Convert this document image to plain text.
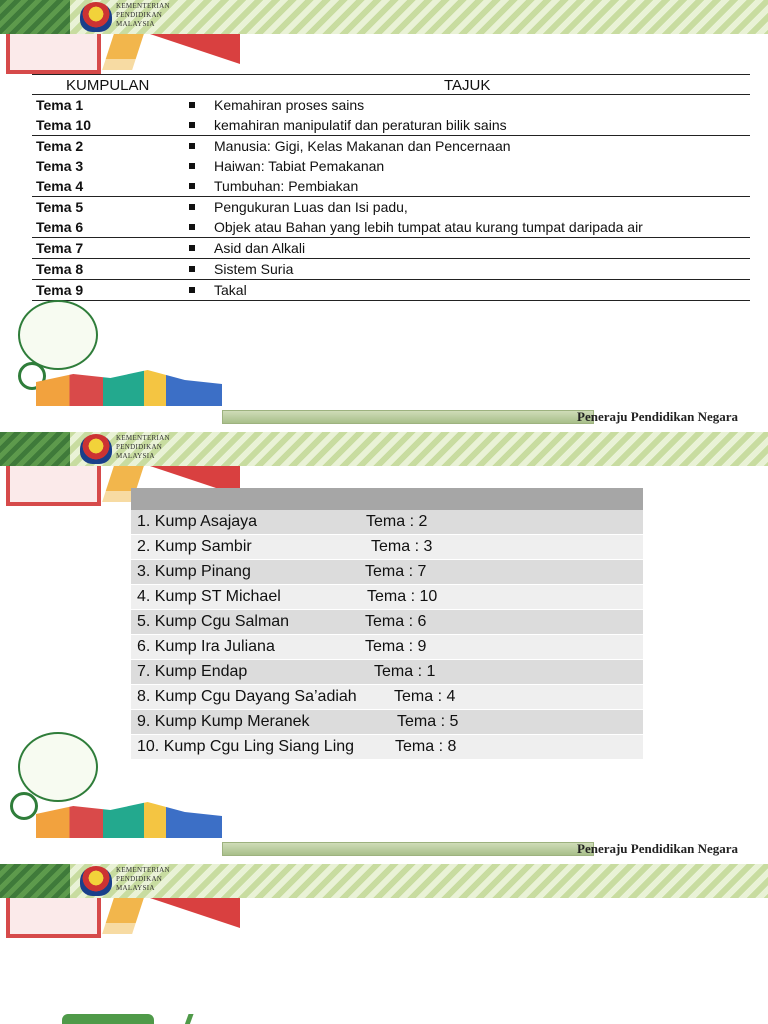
KEMENTERIAN
PENDIDIKAN
MALAYSIA
KUMPULAN	TAJUK
Tema 1	Kemahiran proses sains
Tema 10	kemahiran manipulatif dan peraturan bilik sains
Tema 2	Manusia: Gigi, Kelas Makanan dan Pencernaan
Tema 3	Haiwan: Tabiat Pemakanan
Tema 4	Tumbuhan: Pembiakan
Tema 5	Pengukuran Luas dan Isi padu,
Tema 6	Objek atau Bahan yang lebih tumpat atau kurang tumpat daripada air
Tema 7	Asid dan Alkali
Tema 8	Sistem Suria
Tema 9	Takal
Peneraju Pendidikan Negara
KEMENTERIAN
PENDIDIKAN
MALAYSIA
1. Kump Asajaya	Tema : 2
2. Kump Sambir	Tema : 3
3. Kump Pinang	Tema : 7
4. Kump ST Michael	Tema : 10
5. Kump Cgu Salman	Tema : 6
6. Kump Ira Juliana	Tema : 9
7. Kump Endap	Tema : 1
8. Kump Cgu Dayang Sa’adiah Tema : 4
9. Kump Kump Meranek	Tema : 5
10. Kump Cgu Ling Siang Ling	Tema : 8
Peneraju Pendidikan Negara
KEMENTERIAN
PENDIDIKAN
MALAYSIA
